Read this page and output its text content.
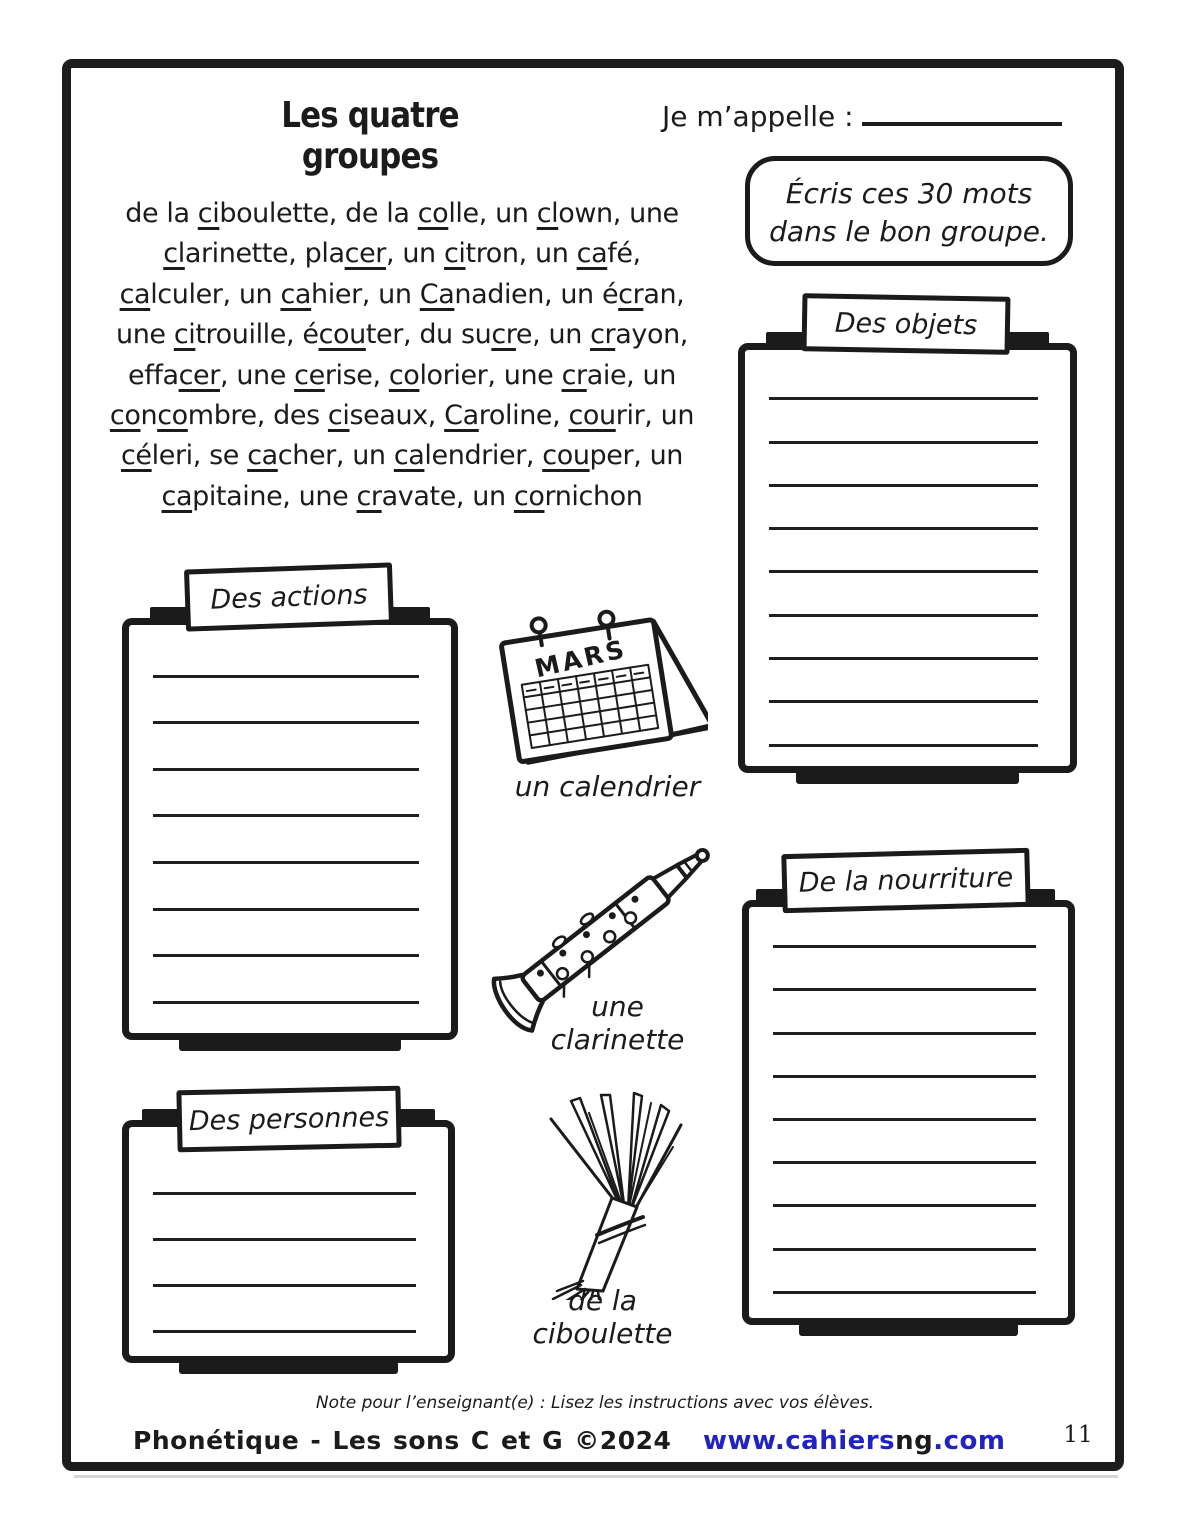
Les quatre groupes
Je m’appelle :
Écris ces 30 mots
dans le bon groupe.
de la ciboulette, de la colle, un clown, une
clarinette, placer, un citron, un café,
calculer, un cahier, un Canadien, un écran,
une citrouille, écouter, du sucre, un crayon,
effacer, une cerise, colorier, une craie, un
concombre, des ciseaux, Caroline, courir, un
céleri, se cacher, un calendrier, couper, un
capitaine, une cravate, un cornichon
Des objets
Des actions
Des personnes
De la nourriture
MARS
un calendrier
une
clarinette
de la
ciboulette
Note pour l’enseignant(e) : Lisez les instructions avec vos élèves.
Phonétique - Les sons C et G ©2024 www.cahiersng.com	11
